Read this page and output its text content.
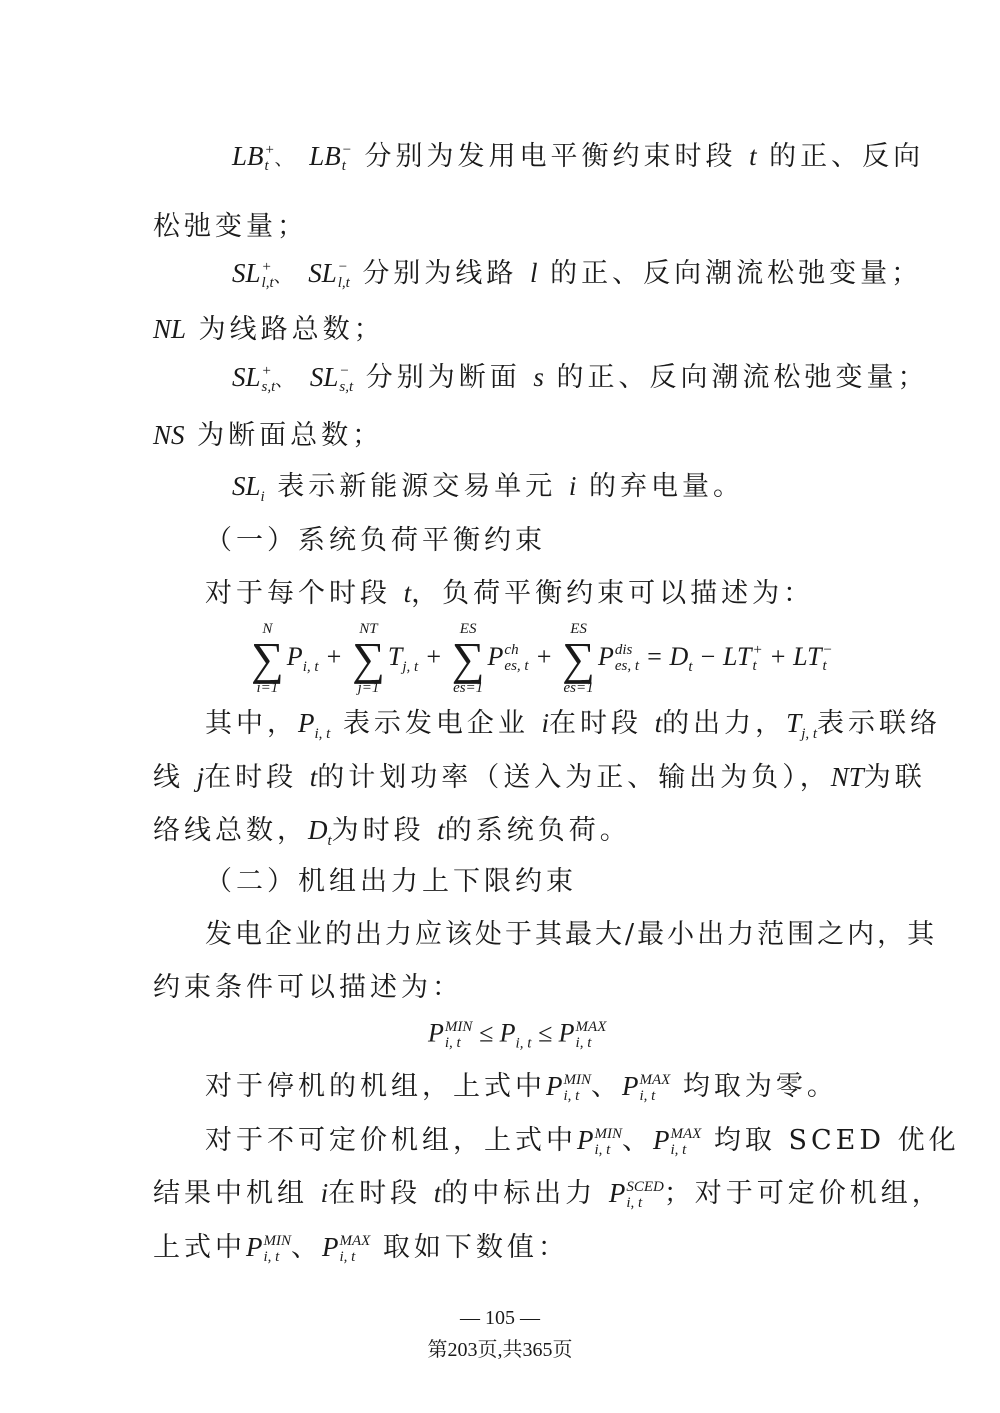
LB +
t 、 LB −
t 分别为发用电平衡约束时段 t 的正、反向
松弛变量；
SL +
l,t 、 SL −
l,t 分别为线路 l 的正、反向潮流松弛变量；
NL 为线路总数；
SL +
s,t 、 SL −
s,t 分别为断面 s 的正、反向潮流松弛变量；
NS 为断面总数；
$SL_i$ 表示新能源交易单元 i 的弃电量。
（一）系统负荷平衡约束
对于每个时段 t，负荷平衡约束可以描述为：
N
∑
i=1
$P_{i, t}$ +
NT
∑
j=1
$T_{j, t}$ +
ES
∑
es=1
P ch
es, t +
ES
∑
es=1
P dis
es, $t = D_t$ − LT +
t + LT −
t
其中，$P_{i, t}$ 表示发电企业 i在时段 t的出力，$T_{j, t}$表示联络
线 j在时段 t的计划功率（送入为正、输出为负），NT为联
络线总数，$D_t$为时段 t的系统负荷。
（二）机组出力上下限约束
发电企业的出力应该处于其最大/最小出力范围之内，其
约束条件可以描述为：
P MIN
i, $t \le P_{i, t} \le P$ MAX
i, t
对于停机的机组，上式中P MIN
i, t 、P MAX
i, t	均取为零。
对于不可定价机组，上式中P MIN
i, t 、P MAX
i, t	均取 SCED 优化
结果中机组 i在时段 t的中标出力 P SCED
i, t ；对于可定价机组，
上式中P MIN
i, t 、P MAX
i, t	取如下数值：
— 105 —
第203页,共365页
